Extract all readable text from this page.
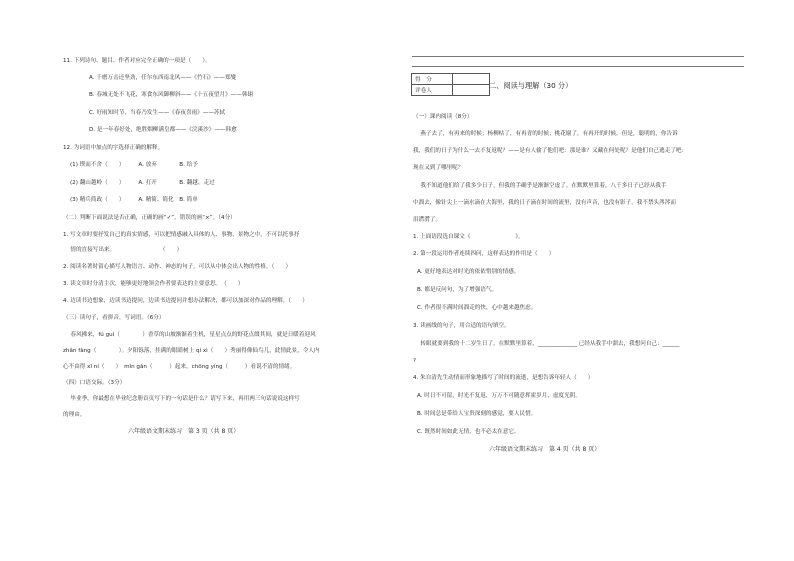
11. 下列诗句、题目、作者对应完全正确的一项是（　　）。
A. 千磨万击还坚劲，任尔东西南北风——《竹石》——郑燮
B. 春城无处不飞花，寒食东风御柳斜——《十五夜望月》——韩翃
C. 好雨知时节，当春乃发生——《春夜喜雨》——苏轼
D. 是一年春好处，绝胜烟柳满皇都——《浣溪沙》——韩愈
12. 为词语中加点的字选择正确的解释。
(1) 锲而不舍（　　）　　　A. 放弃　　　　B. 给予
(2) 翻山越岭（　　）　　　A. 打开　　　　B. 翻越、走过
(3) 精兵简政（　　）　　　A. 精简、简化　B. 简单
（二）判断下面说法是否正确，正确的画“✓”，错误的画“×”。（4分）
1. 写文章时要抒发自己的真实情感，可以把情感融入具体的人、事物、景物之中，不可以托事抒
　 情的直接写出来。　　　　　　　　　（　　）
2. 阅读名著时留心描写人物语言、动作、神态的句子，可以从中体会出人物的性格。（　　）
3. 读文章时分清主次，能够更好地领会作者要表达的主要意思。　（　　）
4. 边读书边想象，边读书边提问，边读书边提问并想办法解决，都可以加深对作品的理解。（　　）
（三）读句子，看拼音，写词语。（6分）
　 春风拂来，fú guì（　　　　）香草的山坡渐渐着生机，星星点点的野花点缀其间，就是日暖着迎风
zhǎn fàng（　　　　）。夕阳铄落，挂满的眼睛树上 qí xì（　　）秀丽得像仙鸟儿，此情此景，令人内
心不由得 xī ní（　　）　mǐn gǎn（　　　）起来，chōng yíng（　　　）看说不清的情绪。
（四）口语交际。（3分）
　 毕业季，你最想在毕业纪念册首页写下的一句话是什么？请写下来，再用两三句话说说这样写
的理由。
六年级语文期末练习　第 3 页（共 8 页）
得　分	
评卷人	
二、阅读与理解（30 分）
（一）课内阅读（8分）
　 燕子去了，有再来的时候；杨柳枯了，有再青的时候；桃花谢了，有再开的时候。但是，聪明的，你告诉
我，我们的日子为什么一去不复返呢？——是有人偷了他们吧：那是谁？又藏在何处呢？是他们自己逃走了吧：
现在又到了哪里呢？
　 我不知道他们给了我多少日子，但我的手确乎是渐渐空虚了。在默默里算着，八千多日子已经从我手
中溜去，像针尖上一滴水滴在大海里，我的日子滴在时间的流里，没有声音，也没有影子。我不禁头涔涔而
泪潸潸了。
1. 上面语段选自课文《　　　　　　　　》。
2. 第一段运用作者连续四问，这样表达的作用是（　　）
A. 更好地表达对时光的依依惜别的情感。
B. 都是反问句，为了增强语气。
C. 作者很不满时间溜走的快，心中越来越焦虑。
3. 读画线的句子，用合适的语句填空。
　 转眼就要到我的十二岁生日了，在默默里算着，______________ 已经从我手中溜去，我想问自己：______
?
4. 朱自清先生动情而形象地描写了时间的流逝，是想告诉年轻人（　　）
A. 时日不可留，时光不复返，万万不可随意挥霍岁月、虚度光阴。
B. 时间总是带给人宝贵深刻的感觉，要人民惜。
C. 既然时间如此无情，也不必太在意它。
六年级语文期末练习　第 4 页（共 8 页）
